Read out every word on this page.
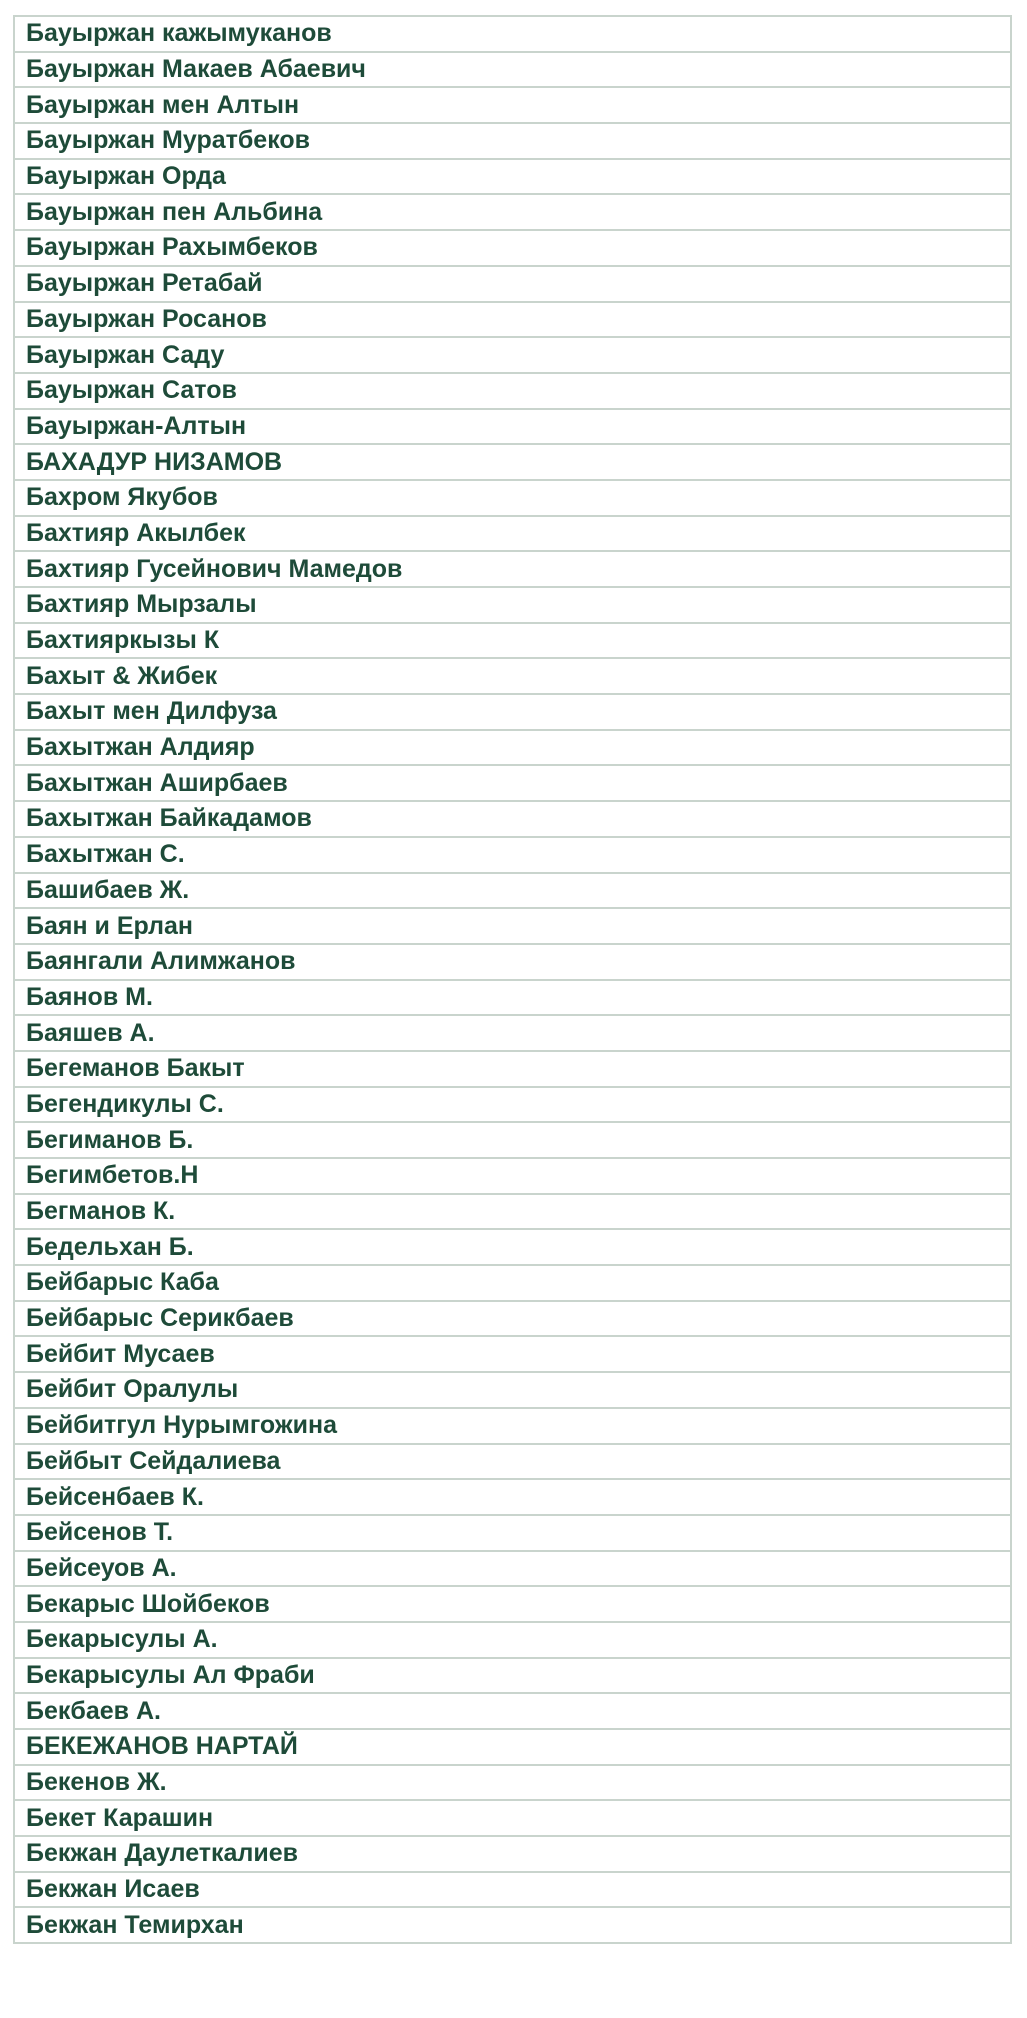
Бауыржан кажымуканов
Бауыржан Макаев Абаевич
Бауыржан мен Алтын
Бауыржан Муратбеков
Бауыржан Орда
Бауыржан пен Альбина
Бауыржан Рахымбеков
Бауыржан Ретабай
Бауыржан Росанов
Бауыржан Саду
Бауыржан Сатов
Бауыржан-Алтын
БАХАДУР НИЗАМОВ
Бахром Якубов
Бахтияр Акылбек
Бахтияр Гусейнович Мамедов
Бахтияр Мырзалы
Бахтияркызы К
Бахыт & Жибек
Бахыт мен Дилфуза
Бахытжан Алдияр
Бахытжан Аширбаев
Бахытжан Байкадамов
Бахытжан С.
Башибаев Ж.
Баян и Ерлан
Баянгали Алимжанов
Баянов М.
Баяшев А.
Бегеманов Бакыт
Бегендикулы С.
Бегиманов Б.
Бегимбетов.Н
Бегманов К.
Бедельхан Б.
Бейбарыс Каба
Бейбарыс Серикбаев
Бейбит Мусаев
Бейбит Оралулы
Бейбитгул Нурымгожина
Бейбыт Сейдалиева
Бейсенбаев К.
Бейсенов Т.
Бейсеуов А.
Бекарыс Шойбеков
Бекарысулы А.
Бекарысулы Ал Фраби
Бекбаев А.
БЕКЕЖАНОВ НАРТАЙ
Бекенов Ж.
Бекет Карашин
Бекжан Даулеткалиев
Бекжан Исаев
Бекжан Темирхан
